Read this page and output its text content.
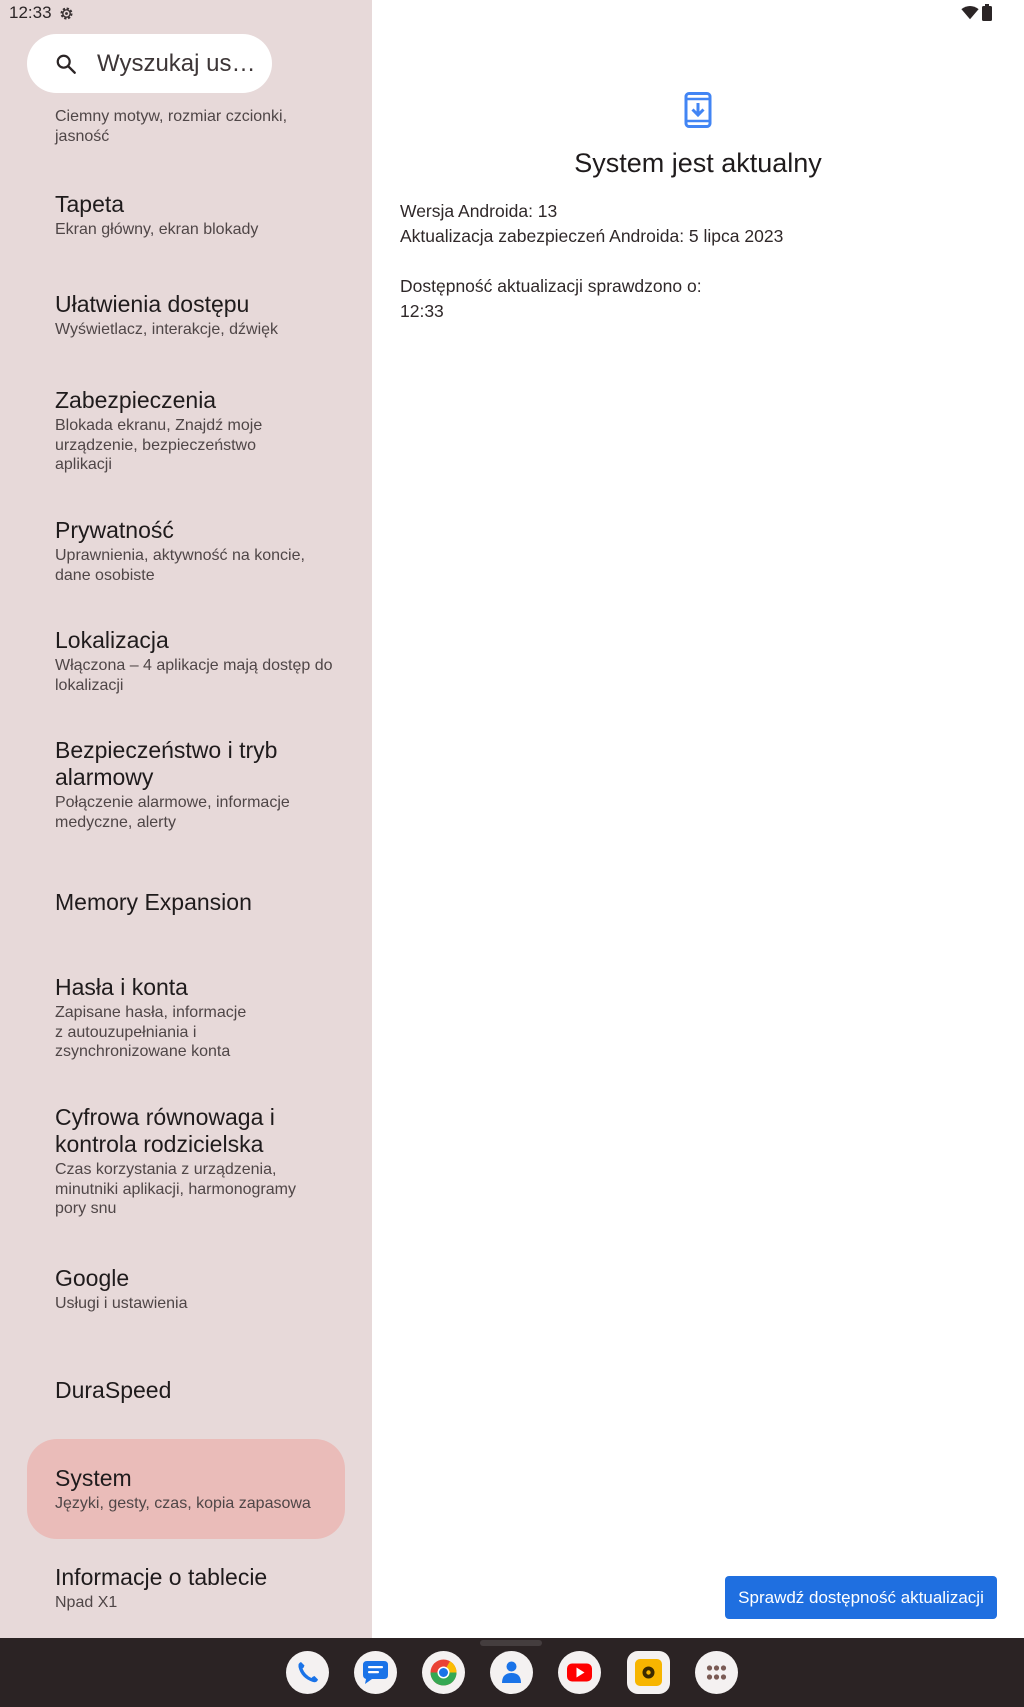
Ciemny motyw, rozmiar czcionki, jasność
Tapeta
Ekran główny, ekran blokady
Ułatwienia dostępu
Wyświetlacz, interakcje, dźwięk
Zabezpieczenia
Blokada ekranu, Znajdź moje urządzenie, bezpieczeństwo aplikacji
Prywatność
Uprawnienia, aktywność na koncie, dane osobiste
Lokalizacja
Włączona – 4 aplikacje mają dostęp do lokalizacji
Bezpieczeństwo i tryb alarmowy
Połączenie alarmowe, informacje medyczne, alerty
Memory Expansion
Hasła i konta
Zapisane hasła, informacje z autouzupełniania i zsynchronizowane konta
Cyfrowa równowaga i kontrola rodzicielska
Czas korzystania z urządzenia, minutniki aplikacji, harmonogramy pory snu
Google
Usługi i ustawienia
DuraSpeed
System
Języki, gesty, czas, kopia zapasowa
Informacje o tablecie
Npad X1
Wyszukaj us…
System jest aktualny
Wersja Androida: 13
Aktualizacja zabezpieczeń Androida: 5 lipca 2023
Dostępność aktualizacji sprawdzono o:
12:33
Sprawdź dostępność aktualizacji
12:33
